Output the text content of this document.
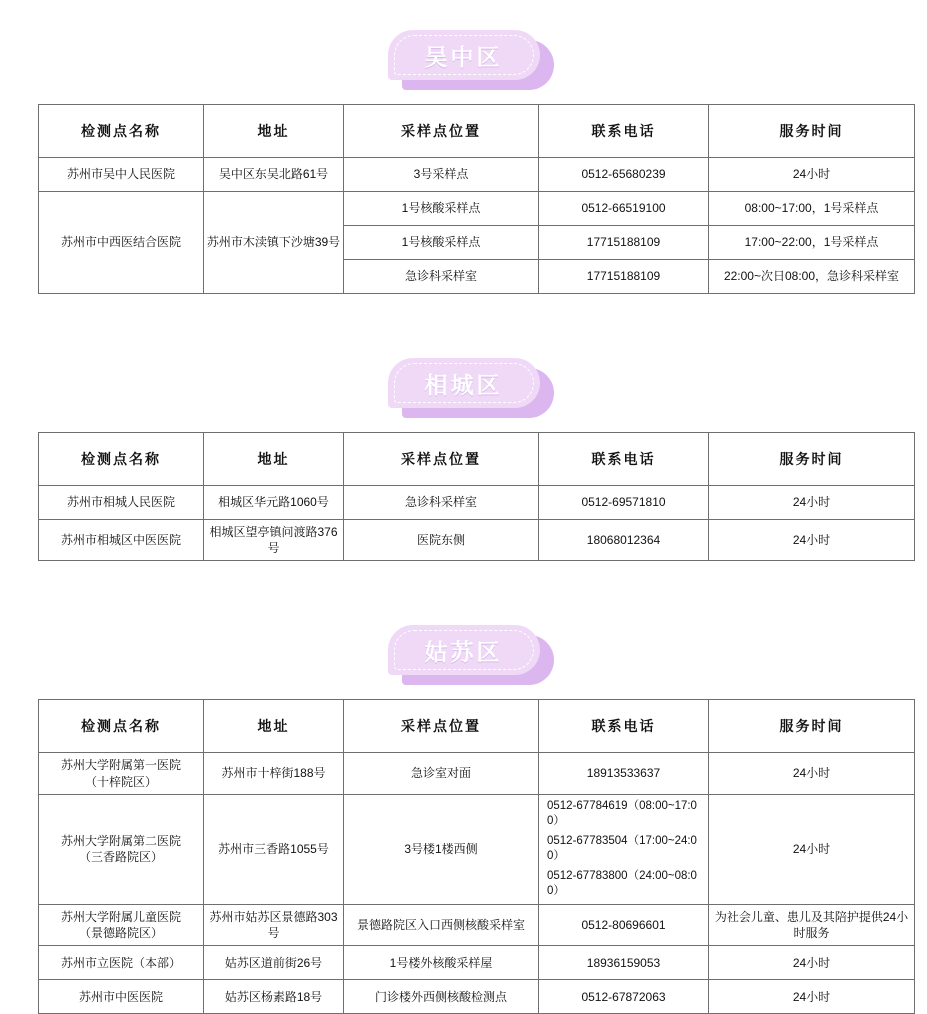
吴中区
检测点名称	地址	采样点位置	联系电话	服务时间
苏州市吴中人民医院	吴中区东吴北路61号	3号采样点	0512-65680239	24小时
苏州市中西医结合医院	苏州市木渎镇下沙塘39号	1号核酸采样点	0512-66519100	08:00~17:00，1号采样点
		1号核酸采样点	17715188109	17:00~22:00，1号采样点
		急诊科采样室	17715188109	22:00~次日08:00，急诊科采样室
相城区
检测点名称	地址	采样点位置	联系电话	服务时间
苏州市相城人民医院	相城区华元路1060号	急诊科采样室	0512-69571810	24小时
苏州市相城区中医医院	相城区望亭镇问渡路376号	医院东侧	18068012364	24小时
姑苏区
检测点名称	地址	采样点位置	联系电话	服务时间
苏州大学附属第一医院
（十梓院区）	苏州市十梓街188号	急诊室对面	18913533637	24小时
苏州大学附属第二医院
（三香路院区）	苏州市三香路1055号	3号楼1楼西侧	0512-67784619（08:00~17:00）
0512-67783504（17:00~24:00）
0512-67783800（24:00~08:00）	24小时
苏州大学附属儿童医院
（景德路院区）	苏州市姑苏区景德路303号	景德路院区入口西侧核酸采样室	0512-80696601	为社会儿童、患儿及其陪护提供24小时服务
苏州市立医院（本部）	姑苏区道前街26号	1号楼外核酸采样屋	18936159053	24小时
苏州市中医医院	姑苏区杨素路18号	门诊楼外西侧核酸检测点	0512-67872063	24小时
